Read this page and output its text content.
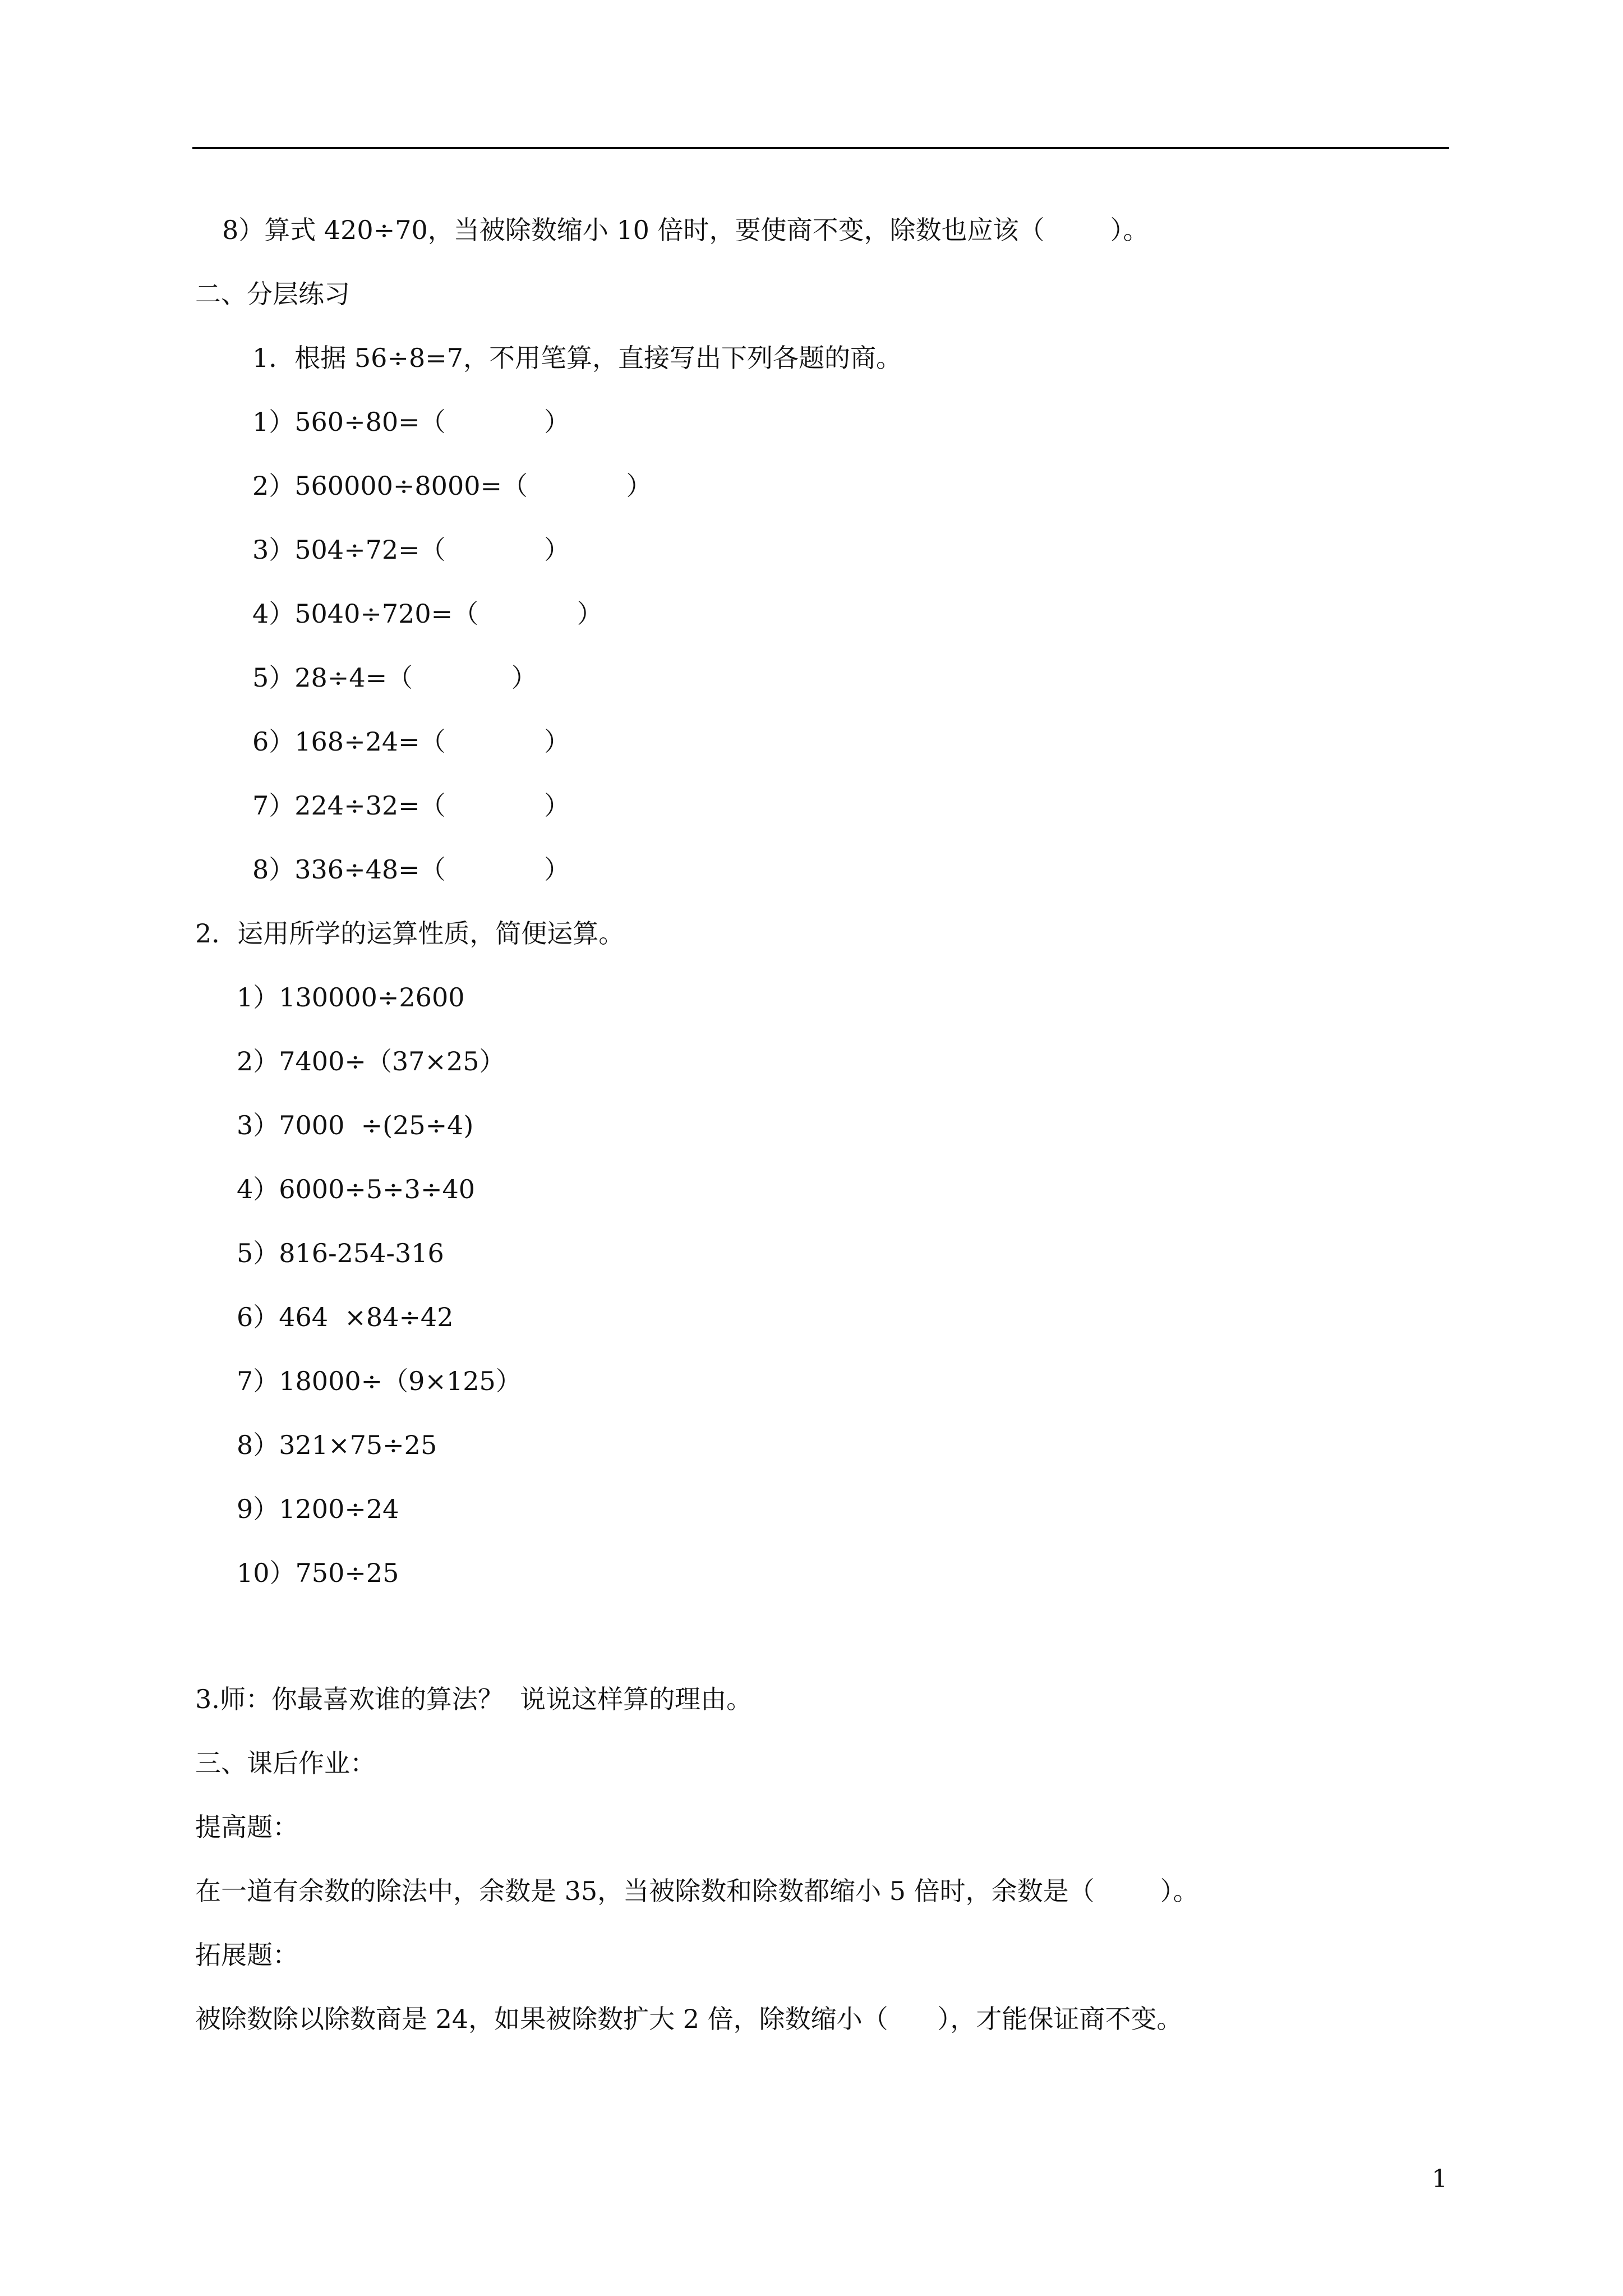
8）算式 420÷70，当被除数缩小 10 倍时，要使商不变，除数也应该（        ）。
二、分层练习
1．根据 56÷8=7，不用笔算，直接写出下列各题的商。
1）560÷80=（            ）
2）560000÷8000=（            ）
3）504÷72=（            ）
4）5040÷720=（            ）
5）28÷4=（            ）
6）168÷24=（            ）
7）224÷32=（            ）
8）336÷48=（            ）
2．运用所学的运算性质，简便运算。
1）130000÷2600
2）7400÷（37×25）
3）7000  ÷(25÷4)
4）6000÷5÷3÷40
5）816-254-316
6）464  ×84÷42
7）18000÷（9×125）
8）321×75÷25
9）1200÷24
10）750÷25
3.师：你最喜欢谁的算法？  说说这样算的理由。
三、课后作业：
提高题：
在一道有余数的除法中，余数是 35，当被除数和除数都缩小 5 倍时，余数是（        ）。
拓展题：
被除数除以除数商是 24，如果被除数扩大 2 倍，除数缩小（      ），才能保证商不变。
1
